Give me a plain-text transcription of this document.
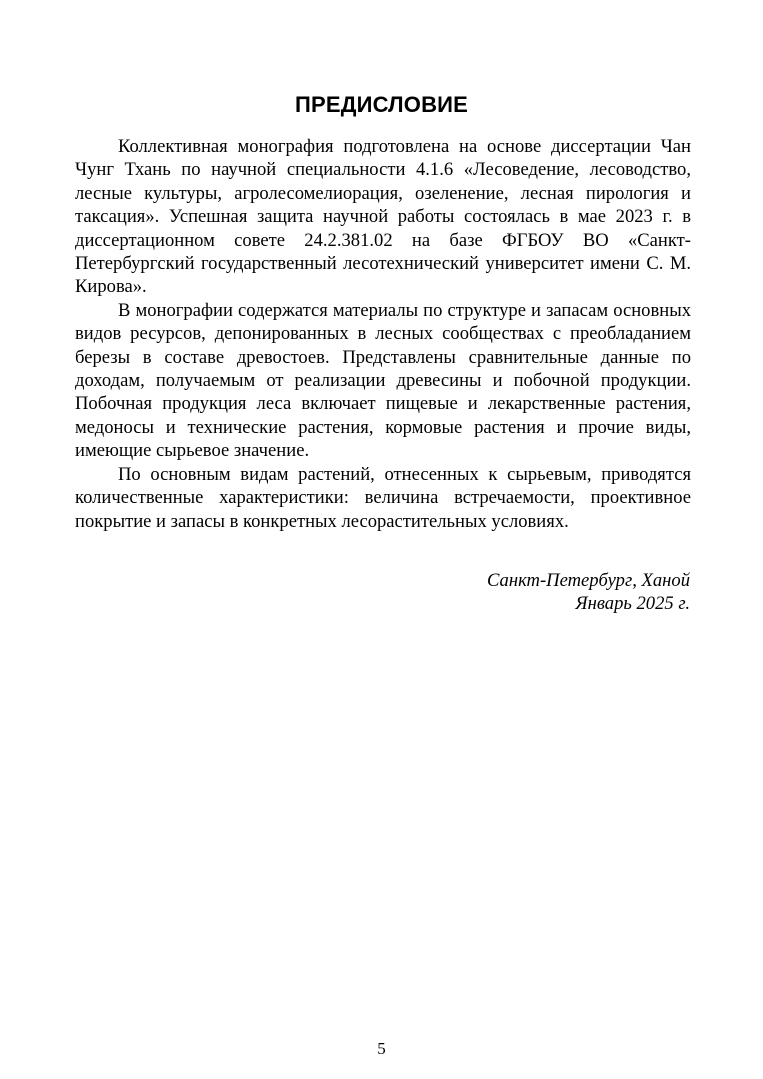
ПРЕДИСЛОВИЕ

Коллективная монография подготовлена на основе диссертации Чан Чунг Тхань по научной специальности 4.1.6 «Лесоведение, лесоводство, лесные культуры, агролесомелиорация, озеленение, лесная пирология и таксация». Успешная защита научной работы состоялась в мае 2023 г. в диссертационном совете 24.2.381.02 на базе ФГБОУ ВО «Санкт-Петербургский государственный лесотехнический университет имени С. М. Кирова».

В монографии содержатся материалы по структуре и запасам основных видов ресурсов, депонированных в лесных сообществах с преобладанием березы в составе древостоев. Представлены сравнительные данные по доходам, получаемым от реализации древесины и побочной продукции. Побочная продукция леса включает пищевые и лекарственные растения, медоносы и технические растения, кормовые растения и прочие виды, имеющие сырьевое значение.

По основным видам растений, отнесенных к сырьевым, приводятся количественные характеристики: величина встречаемости, проективное покрытие и запасы в конкретных лесорастительных условиях.

Санкт-Петербург, Ханой
Январь 2025 г.
5
